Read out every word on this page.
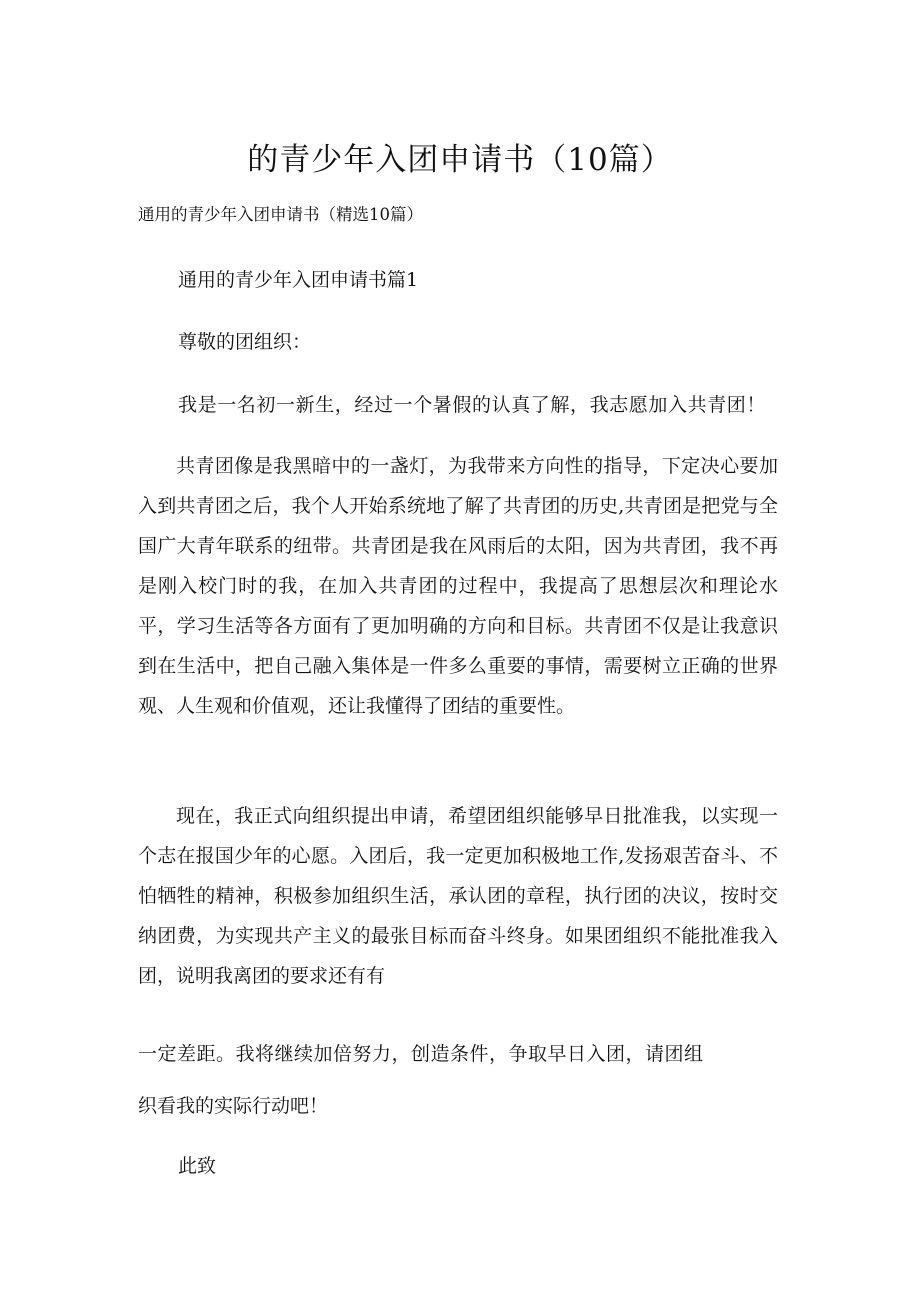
的青少年入团申请书（10篇）
通用的青少年入团申请书（精选10篇）
通用的青少年入团申请书篇1
尊敬的团组织：
我是一名初一新生，经过一个暑假的认真了解，我志愿加入共青团！
共青团像是我黑暗中的一盏灯，为我带来方向性的指导，下定决心要加入到共青团之后，我个人开始系统地了解了共青团的历史,共青团是把党与全国广大青年联系的纽带。共青团是我在风雨后的太阳，因为共青团，我不再是刚入校门时的我，在加入共青团的过程中，我提高了思想层次和理论水平，学习生活等各方面有了更加明确的方向和目标。共青团不仅是让我意识到在生活中，把自己融入集体是一件多么重要的事情，需要树立正确的世界观、人生观和价值观，还让我懂得了团结的重要性。
现在，我正式向组织提出申请，希望团组织能够早日批准我，以实现一个志在报国少年的心愿。入团后，我一定更加积极地工作,发扬艰苦奋斗、不怕牺牲的精神，积极参加组织生活，承认团的章程，执行团的决议，按时交纳团费，为实现共产主义的最张目标而奋斗终身。如果团组织不能批准我入团，说明我离团的要求还有有
一定差距。我将继续加倍努力，创造条件，争取早日入团，请团组
织看我的实际行动吧！
此致
